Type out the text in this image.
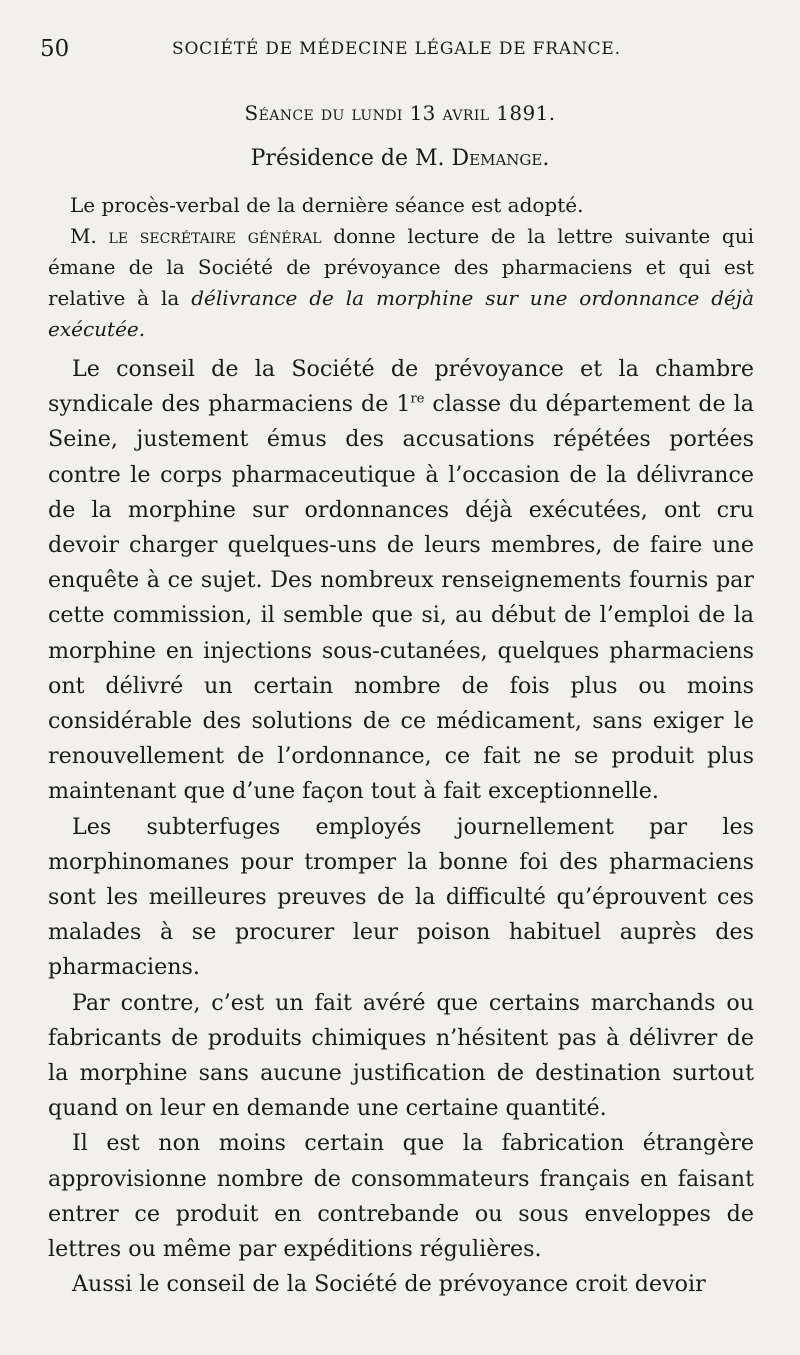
50	SOCIÉTÉ DE MÉDECINE LÉGALE DE FRANCE.
Séance du lundi 13 avril 1891.
Présidence de M. Demange.

Le procès-verbal de la dernière séance est adopté.

M. le secrétaire général donne lecture de la lettre suivante qui émane de la Société de prévoyance des pharmaciens et qui est relative à la délivrance de la morphine sur une ordonnance déjà exécutée.

Le conseil de la Société de prévoyance et la chambre syndicale des pharmaciens de 1re classe du département de la Seine, justement émus des accusations répétées portées contre le corps pharmaceutique à l’occasion de la délivrance de la morphine sur ordonnances déjà exécutées, ont cru devoir charger quelques-uns de leurs membres, de faire une enquête à ce sujet. Des nombreux renseignements fournis par cette commission, il semble que si, au début de l’emploi de la morphine en injections sous-cutanées, quelques pharmaciens ont délivré un certain nombre de fois plus ou moins considérable des solutions de ce médicament, sans exiger le renouvellement de l’ordonnance, ce fait ne se produit plus maintenant que d’une façon tout à fait exceptionnelle.

Les subterfuges employés journellement par les morphinomanes pour tromper la bonne foi des pharmaciens sont les meilleures preuves de la difficulté qu’éprouvent ces malades à se procurer leur poison habituel auprès des pharmaciens.

Par contre, c’est un fait avéré que certains marchands ou fabricants de produits chimiques n’hésitent pas à délivrer de la morphine sans aucune justification de destination surtout quand on leur en demande une certaine quantité.

Il est non moins certain que la fabrication étrangère approvisionne nombre de consommateurs français en faisant entrer ce produit en contrebande ou sous enveloppes de lettres ou même par expéditions régulières.

Aussi le conseil de la Société de prévoyance croit devoir
